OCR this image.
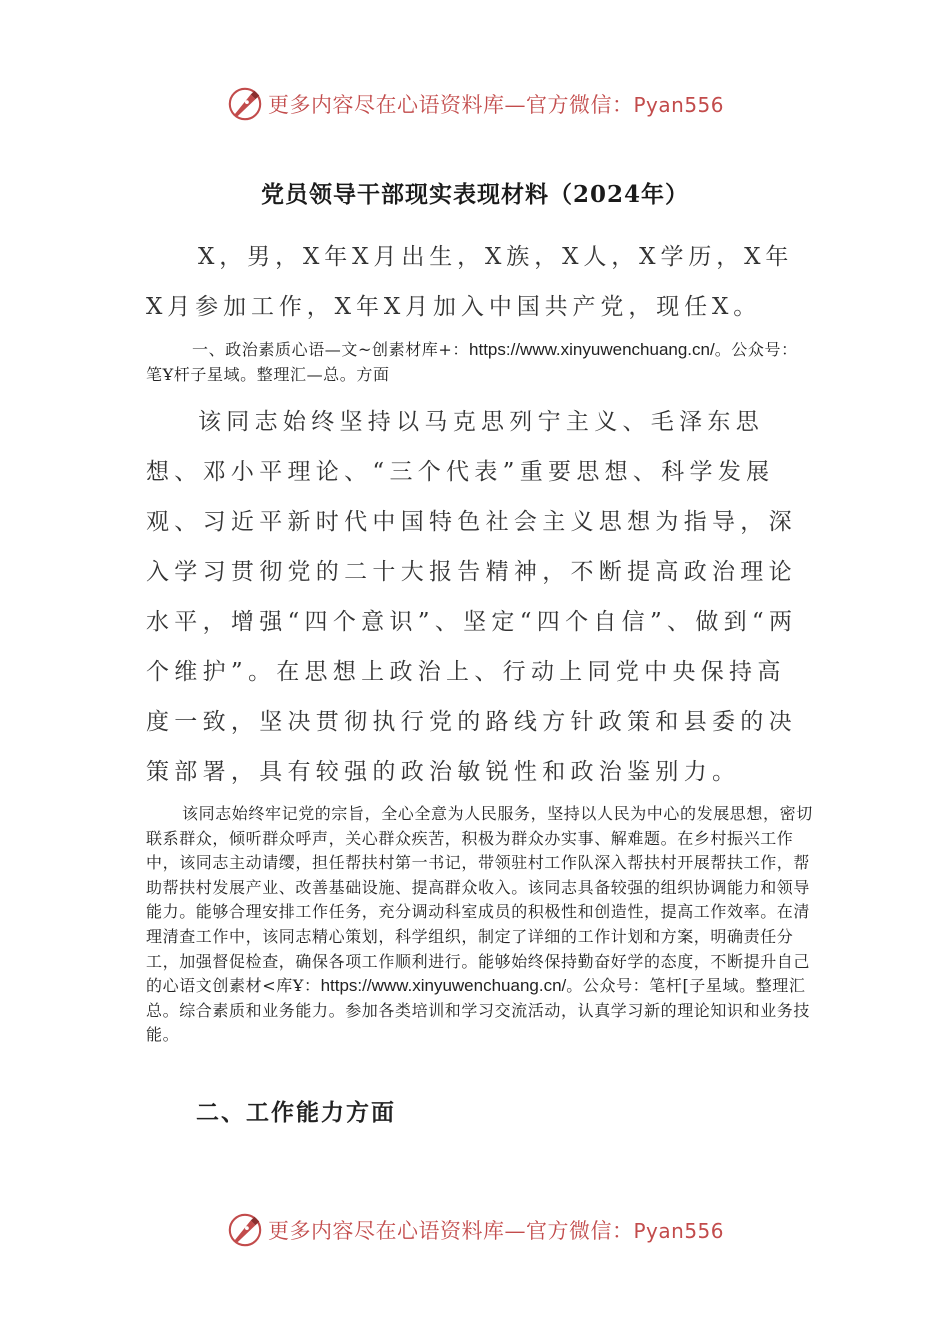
更多内容尽在心语资料库—官方微信：Pyan556
党员领导干部现实表现材料（2024年）
X，男，X年X月出生，X族，X人，X学历，X年X月参加工作，X年X月加入中国共产党，现任X。
一、政治素质心语—文~创素材库+：https://www.xinyuwenchuang.cn/。公众号：笔Ұ杆子星域。整理汇—总。方面
该同志始终坚持以马克思列宁主义、毛泽东思想、邓小平理论、“三个代表”重要思想、科学发展观、习近平新时代中国特色社会主义思想为指导，深入学习贯彻党的二十大报告精神，不断提高政治理论水平，增强“四个意识”、坚定“四个自信”、做到“两个维护”。在思想上政治上、行动上同党中央保持高度一致，坚决贯彻执行党的路线方针政策和县委的决策部署，具有较强的政治敏锐性和政治鉴别力。
该同志始终牢记党的宗旨，全心全意为人民服务，坚持以人民为中心的发展思想，密切联系群众，倾听群众呼声，关心群众疾苦，积极为群众办实事、解难题。在乡村振兴工作中，该同志主动请缨，担任帮扶村第一书记，带领驻村工作队深入帮扶村开展帮扶工作，帮助帮扶村发展产业、改善基础设施、提高群众收入。该同志具备较强的组织协调能力和领导能力。能够合理安排工作任务，充分调动科室成员的积极性和创造性，提高工作效率。在清理清查工作中，该同志精心策划，科学组织，制定了详细的工作计划和方案，明确责任分工，加强督促检查，确保各项工作顺利进行。能够始终保持勤奋好学的态度，不断提升自己的心语文创素材<库Ұ：https://www.xinyuwenchuang.cn/。公众号：笔杆[子星域。整理汇总。综合素质和业务能力。参加各类培训和学习交流活动，认真学习新的理论知识和业务技能。
二、工作能力方面
更多内容尽在心语资料库—官方微信：Pyan556
